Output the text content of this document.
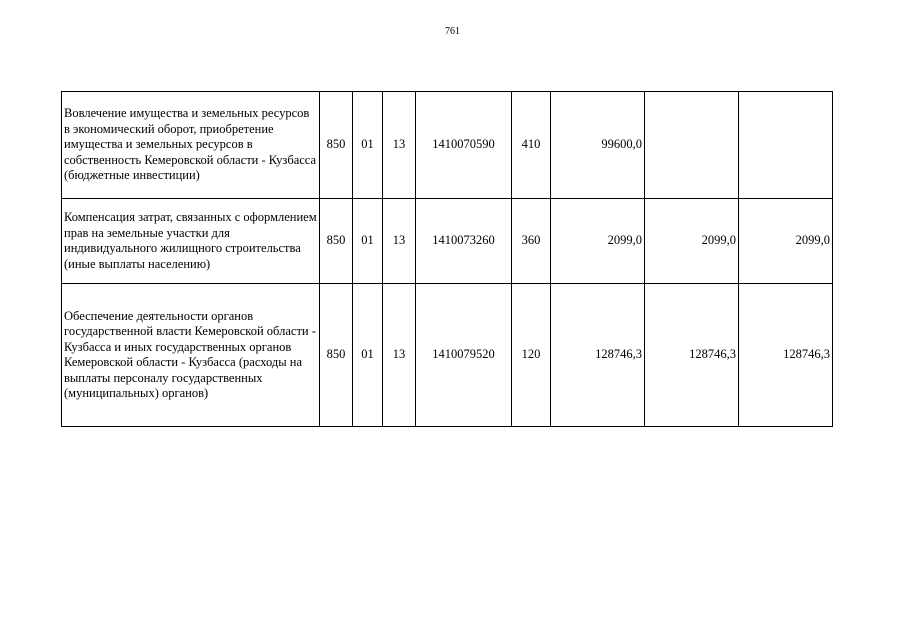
761
Вовлечение имущества и земельных ресурсов в экономический оборот, приобретение имущества и земельных ресурсов в собственность Кемеровской области - Кузбасса (бюджетные инвестиции)	850	01	13	1410070590	410	99600,0		
Компенсация затрат, связанных с оформлением прав на земельные участки для индивидуального жилищного строительства (иные выплаты населению)	850	01	13	1410073260	360	2099,0	2099,0	2099,0
Обеспечение деятельности органов государственной власти Кемеровской области - Кузбасса и иных государственных органов Кемеровской области - Кузбасса (расходы на выплаты персоналу государственных (муниципальных) органов)	850	01	13	1410079520	120	128746,3	128746,3	128746,3
